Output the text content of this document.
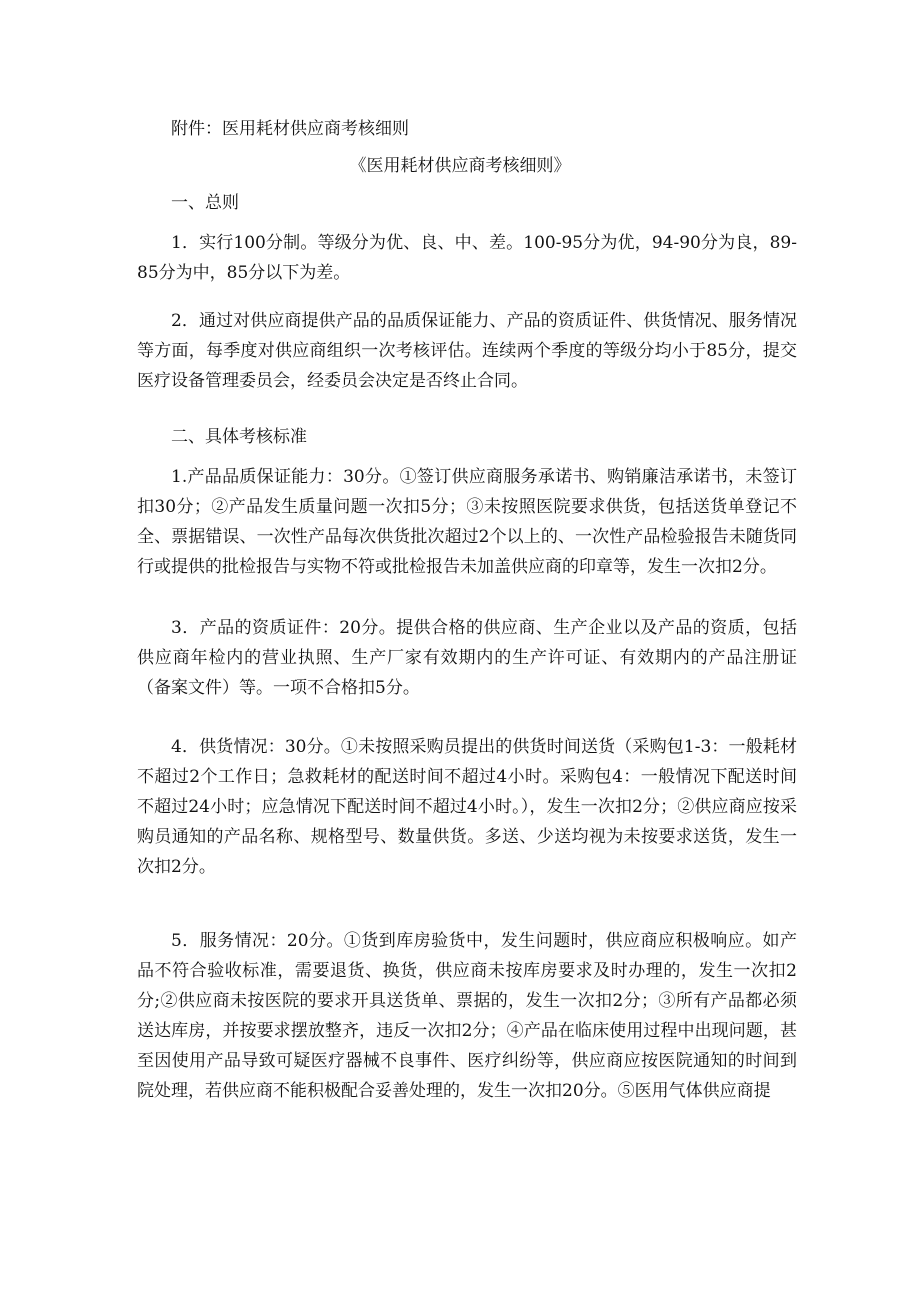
附件：医用耗材供应商考核细则
《医用耗材供应商考核细则》
一、总则

1．实行100分制。等级分为优、良、中、差。100-95分为优，94-90分为良，89-85分为中，85分以下为差。

2．通过对供应商提供产品的品质保证能力、产品的资质证件、供货情况、服务情况等方面，每季度对供应商组织一次考核评估。连续两个季度的等级分均小于85分，提交医疗设备管理委员会，经委员会决定是否终止合同。

二、具体考核标准

1.产品品质保证能力：30分。①签订供应商服务承诺书、购销廉洁承诺书，未签订扣30分；②产品发生质量问题一次扣5分；③未按照医院要求供货，包括送货单登记不全、票据错误、一次性产品每次供货批次超过2个以上的、一次性产品检验报告未随货同行或提供的批检报告与实物不符或批检报告未加盖供应商的印章等，发生一次扣2分。

3．产品的资质证件：20分。提供合格的供应商、生产企业以及产品的资质，包括供应商年检内的营业执照、生产厂家有效期内的生产许可证、有效期内的产品注册证（备案文件）等。一项不合格扣5分。

4．供货情况：30分。①未按照采购员提出的供货时间送货（采购包1-3：一般耗材不超过2个工作日；急救耗材的配送时间不超过4小时。采购包4：一般情况下配送时间不超过24小时；应急情况下配送时间不超过4小时。），发生一次扣2分；②供应商应按采购员通知的产品名称、规格型号、数量供货。多送、少送均视为未按要求送货，发生一次扣2分。

5．服务情况：20分。①货到库房验货中，发生问题时，供应商应积极响应。如产品不符合验收标准，需要退货、换货，供应商未按库房要求及时办理的，发生一次扣2分;②供应商未按医院的要求开具送货单、票据的，发生一次扣2分；③所有产品都必须送达库房，并按要求摆放整齐，违反一次扣2分；④产品在临床使用过程中出现问题，甚至因使用产品导致可疑医疗器械不良事件、医疗纠纷等，供应商应按医院通知的时间到院处理，若供应商不能积极配合妥善处理的，发生一次扣20分。⑤医用气体供应商提
